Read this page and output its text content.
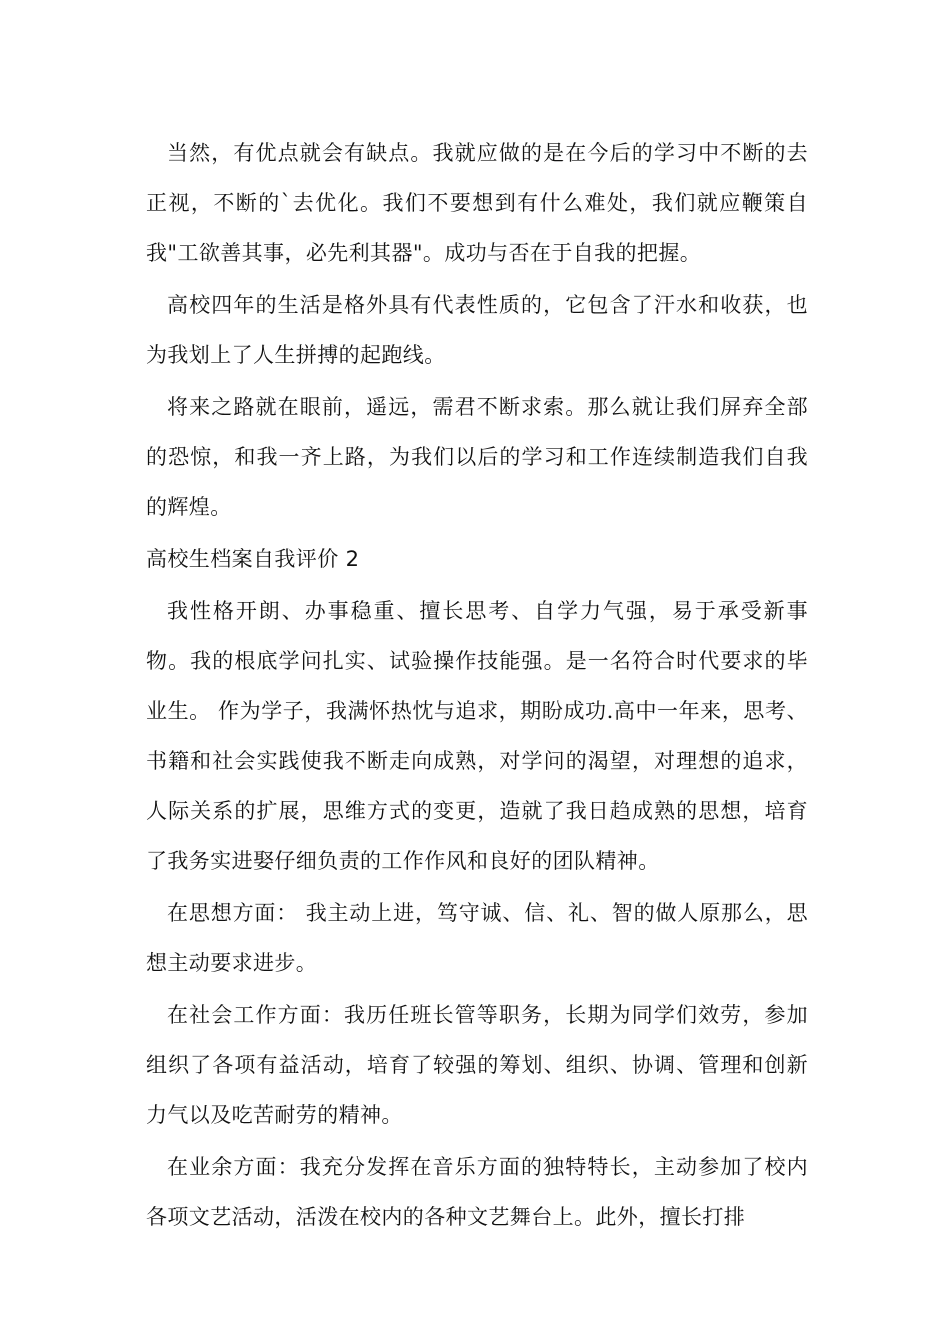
当然，有优点就会有缺点。我就应做的是在今后的学习中不断的去正视，不断的`去优化。我们不要想到有什么难处，我们就应鞭策自我"工欲善其事，必先利其器"。成功与否在于自我的把握。

高校四年的生活是格外具有代表性质的，它包含了汗水和收获，也为我划上了人生拼搏的起跑线。

将来之路就在眼前，遥远，需君不断求索。那么就让我们屏弃全部的恐惊，和我一齐上路，为我们以后的学习和工作连续制造我们自我的辉煌。

高校生档案自我评价 2

我性格开朗、办事稳重、擅长思考、自学力气强，易于承受新事物。我的根底学问扎实、试验操作技能强。是一名符合时代要求的毕业生。 作为学子，我满怀热忱与追求，期盼成功.高中一年来，思考、书籍和社会实践使我不断走向成熟，对学问的渴望，对理想的追求，人际关系的扩展，思维方式的变更，造就了我日趋成熟的思想，培育了我务实进娶仔细负责的工作作风和良好的团队精神。

在思想方面： 我主动上进，笃守诚、信、礼、智的做人原那么，思想主动要求进步。

在社会工作方面：我历任班长管等职务，长期为同学们效劳，参加组织了各项有益活动，培育了较强的筹划、组织、协调、管理和创新力气以及吃苦耐劳的精神。

在业余方面：我充分发挥在音乐方面的独特特长，主动参加了校内各项文艺活动，活泼在校内的各种文艺舞台上。此外，擅长打排
